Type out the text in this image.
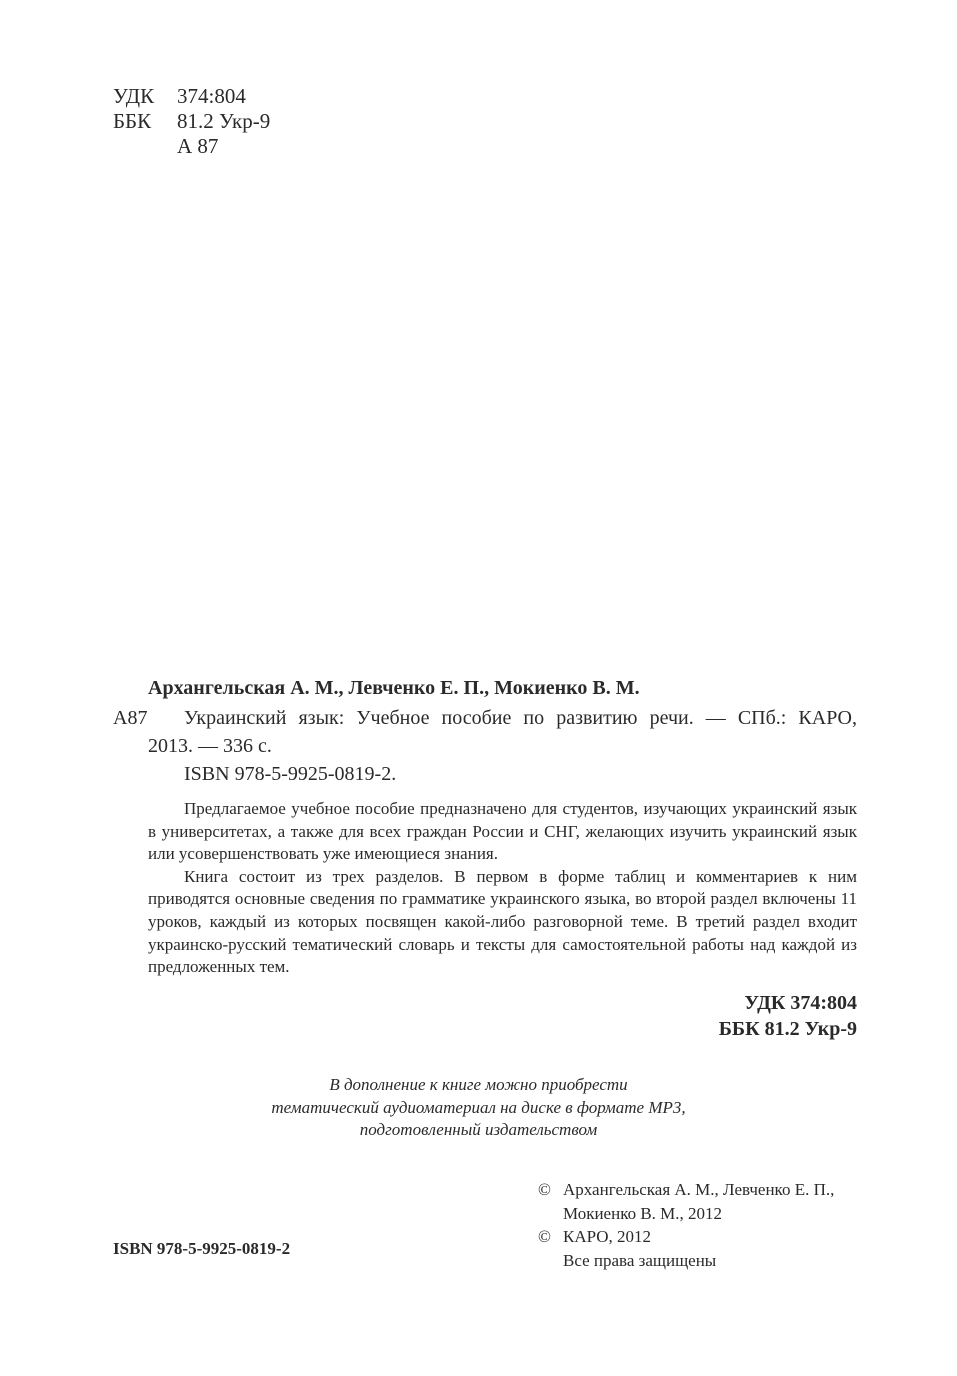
УДК 374:804
ББК 81.2 Укр-9
А 87
Архангельская А. М., Левченко Е. П., Мокиенко В. М.
А87 Украинский язык: Учебное пособие по развитию речи. — СПб.: КАРО,
2013. — 336 с.
ISBN 978-5-9925-0819-2.

Предлагаемое учебное пособие предназначено для студентов, изучающих украинский язык в университетах, а также для всех граждан России и СНГ, желающих изучить украинский язык или усовершенствовать уже имеющиеся знания.

Книга состоит из трех разделов. В первом в форме таблиц и комментариев к ним приводятся основные сведения по грамматике украинского языка, во второй раздел включены 11 уроков, каждый из которых посвящен какой-либо разговорной теме. В третий раздел входит украинско-русский тематический словарь и тексты для самостоятельной работы над каждой из предложенных тем.

УДК 374:804
ББК 81.2 Укр-9
В дополнение к книге можно приобрести
тематический аудиоматериал на диске в формате MP3,
подготовленный издательством
© Архангельская А. М., Левченко Е. П.,
Мокиенко В. М., 2012
© КАРО, 2012
Все права защищены
ISBN 978-5-9925-0819-2
